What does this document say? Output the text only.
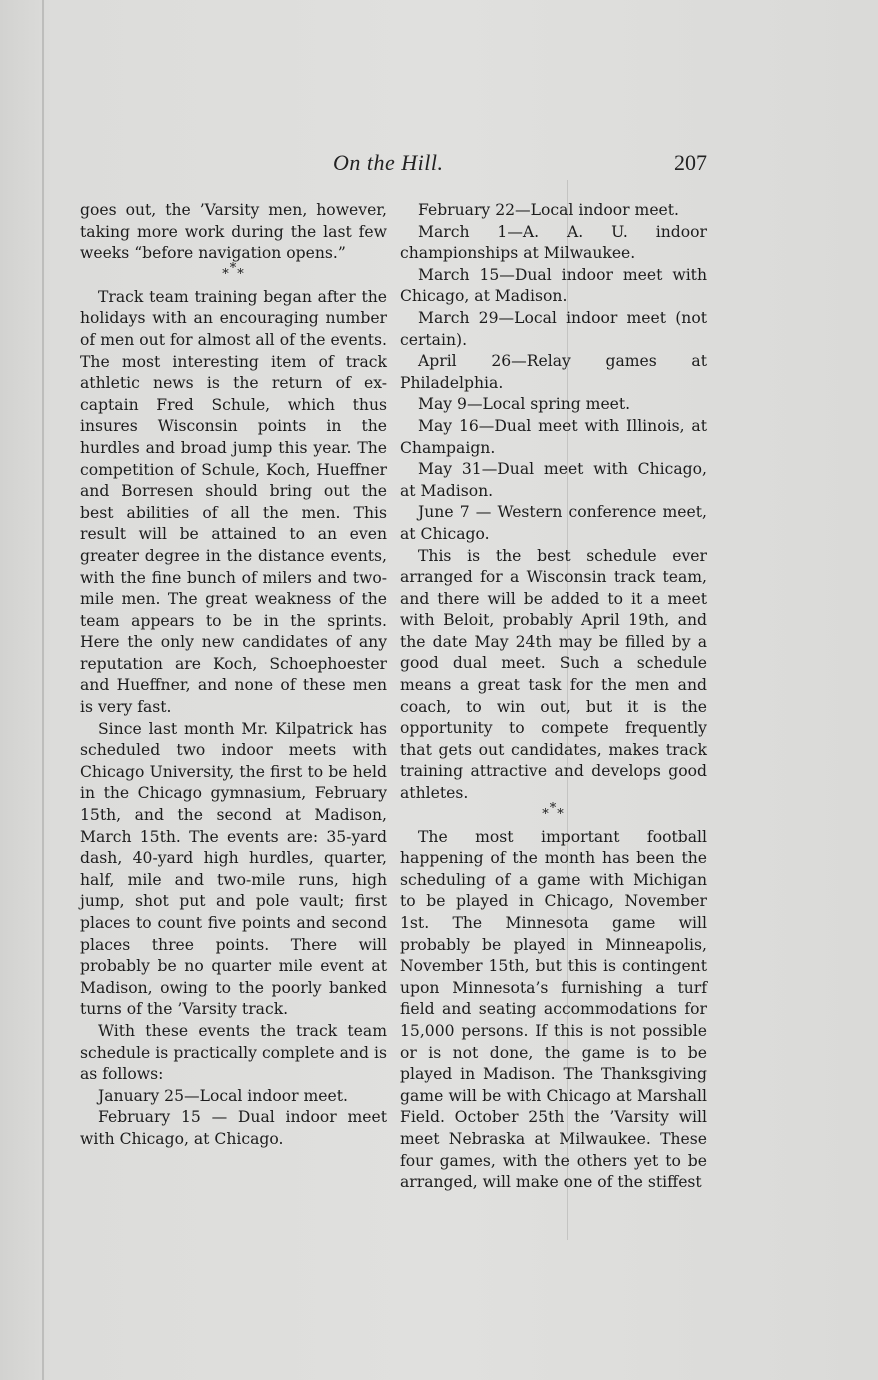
On the Hill.	207

goes out, the ’Varsity men, however, taking more work during the last few weeks “before navigation opens.”

***

Track team training began after the holidays with an encouraging number of men out for almost all of the events. The most interesting item of track athletic news is the return of ex-captain Fred Schule, which thus insures Wisconsin points in the hurdles and broad jump this year. The competition of Schule, Koch, Hueffner and Borresen should bring out the best abilities of all the men. This result will be attained to an even greater degree in the distance events, with the fine bunch of milers and two-mile men. The great weakness of the team appears to be in the sprints. Here the only new candidates of any reputation are Koch, Schoephoester and Hueffner, and none of these men is very fast.

Since last month Mr. Kilpatrick has scheduled two indoor meets with Chicago University, the first to be held in the Chicago gymnasium, February 15th, and the second at Madison, March 15th. The events are: 35-yard dash, 40-yard high hurdles, quarter, half, mile and two-mile runs, high jump, shot put and pole vault; first places to count five points and second places three points. There will probably be no quarter mile event at Madison, owing to the poorly banked turns of the ’Varsity track.

With these events the track team schedule is practically complete and is as follows:

January 25—Local indoor meet.

February 15 — Dual indoor meet with Chicago, at Chicago.

February 22—Local indoor meet.

March 1—A. A. U. indoor championships at Milwaukee.

March 15—Dual indoor meet with Chicago, at Madison.

March 29—Local indoor meet (not certain).

April 26—Relay games at Philadelphia.

May 9—Local spring meet.

May 16—Dual meet with Illinois, at Champaign.

May 31—Dual meet with Chicago, at Madison.

June 7 — Western conference meet, at Chicago.

This is the best schedule ever arranged for a Wisconsin track team, and there will be added to it a meet with Beloit, probably April 19th, and the date May 24th may be filled by a good dual meet. Such a schedule means a great task for the men and coach, to win out, but it is the opportunity to compete frequently that gets out candidates, makes track training attractive and develops good athletes.

***

The most important football happening of the month has been the scheduling of a game with Michigan to be played in Chicago, November 1st. The Minnesota game will probably be played in Minneapolis, November 15th, but this is contingent upon Minnesota’s furnishing a turf field and seating accommodations for 15,000 persons. If this is not possible or is not done, the game is to be played in Madison. The Thanksgiving game will be with Chicago at Marshall Field. October 25th the ’Varsity will meet Nebraska at Milwaukee. These four games, with the others yet to be arranged, will make one of the stiffest
